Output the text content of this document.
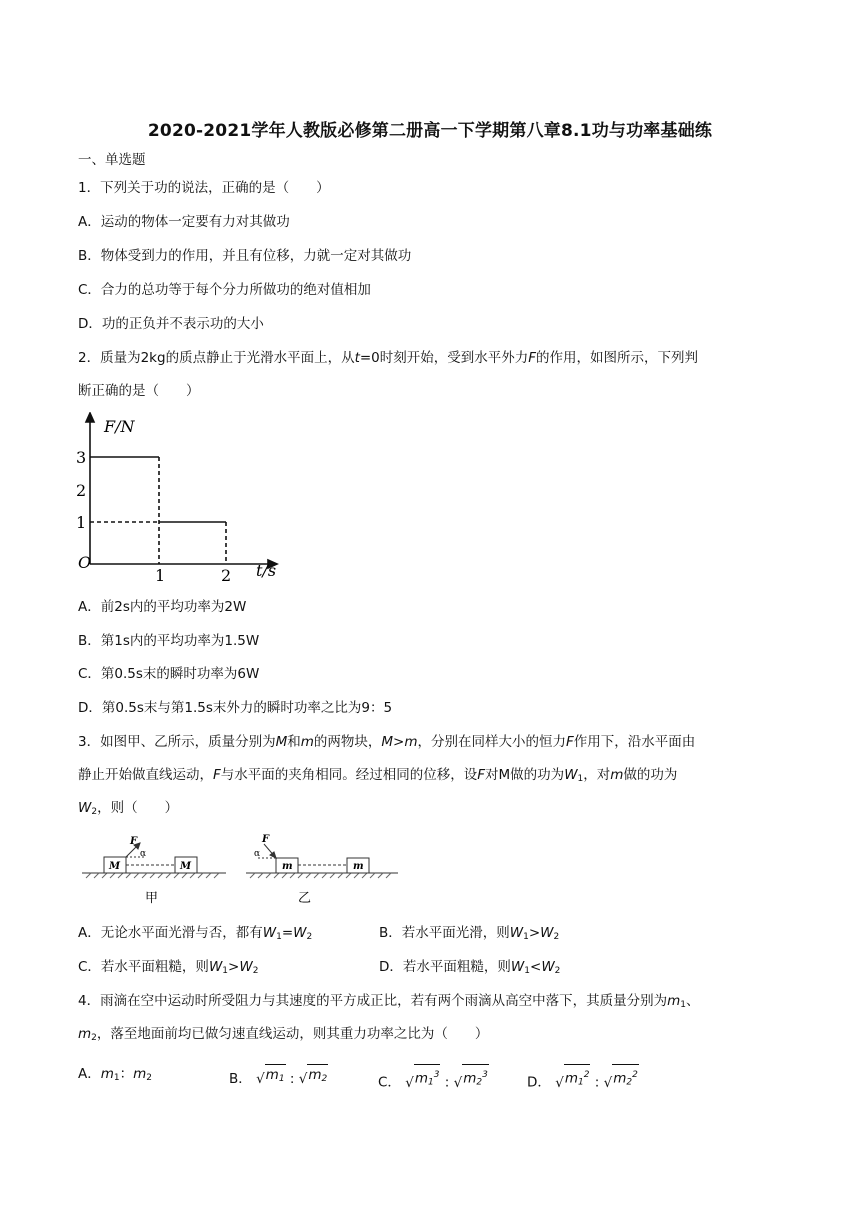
2020-2021学年人教版必修第二册高一下学期第八章8.1功与功率基础练
一、单选题
1．下列关于功的说法，正确的是（　　）
A．运动的物体一定要有力对其做功
B．物体受到力的作用，并且有位移，力就一定对其做功
C．合力的总功等于每个分力所做功的绝对值相加
D．功的正负并不表示功的大小
2．质量为2kg的质点静止于光滑水平面上，从t=0时刻开始，受到水平外力F的作用，如图所示，下列判
断正确的是（　　）
F/N
t/s
O
3
2
1
1	2
A．前2s内的平均功率为2W
B．第1s内的平均功率为1.5W
C．第0.5s末的瞬时功率为6W
D．第0.5s末与第1.5s末外力的瞬时功率之比为9：5
3．如图甲、乙所示，质量分别为M和m的两物块，M>m，分别在同样大小的恒力F作用下，沿水平面由
静止开始做直线运动，F与水平面的夹角相同。经过相同的位移，设F对M做的功为$W_1$，对m做的功为
$W_2$，则（　　）
M	M
F
α
甲
m	m
F
α
乙
A．无论水平面光滑与否，都有$W_1=W_2$	B．若水平面光滑，则$W_1>W_2$
C．若水平面粗糙，则$W_1>W_2$	D．若水平面粗糙，则$W_1<W_2$
4．雨滴在空中运动时所受阻力与其速度的平方成正比，若有两个雨滴从高空中落下，其质量分别为$m_1$、
$m_2$，落至地面前均已做匀速直线运动，则其重力功率之比为（　　）
A．$m_1$：$m_2$	B． √ $m_1$ : √ $m_2$	C． √ $m_1^3$ : √ $m_2^3$	D． √ $m_1^2$ : √ $m_2^2$
